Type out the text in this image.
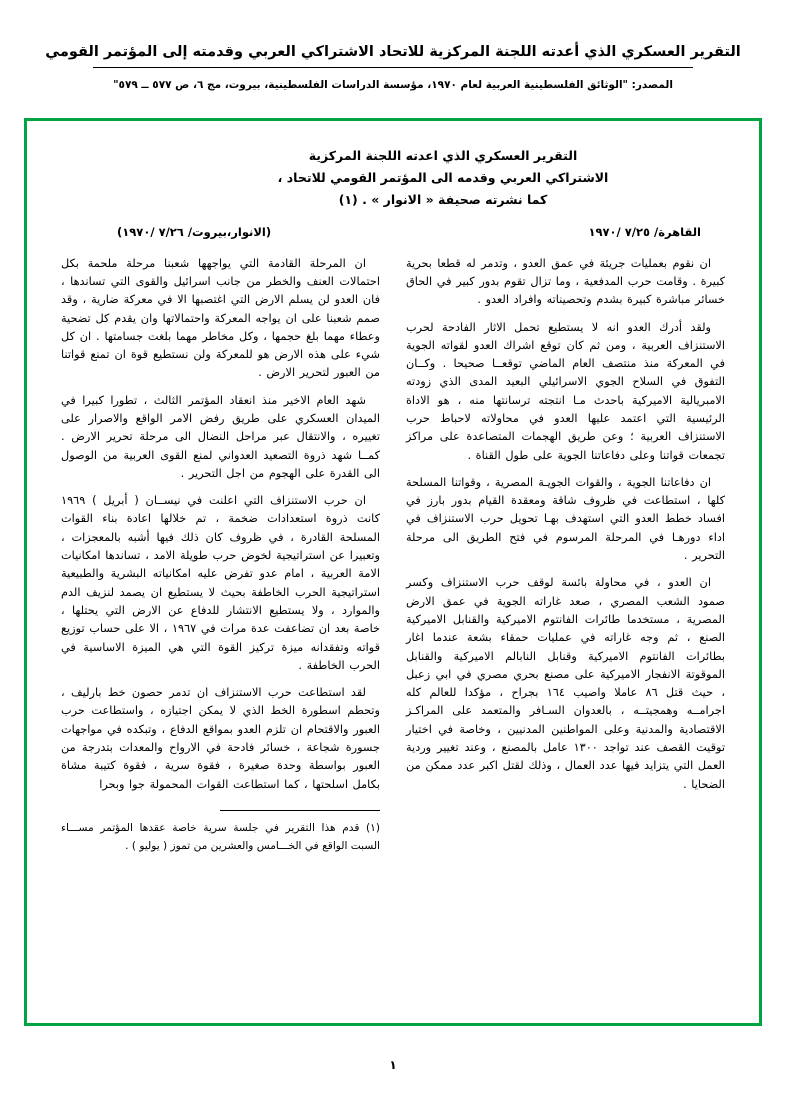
التقرير العسكري الذي أعدته اللجنة المركزية للاتحاد الاشتراكي العربي وقدمته إلى المؤتمر القومي
المصدر: "الوثائق الفلسطينية العربية لعام ١٩٧٠، مؤسسة الدراسات الفلسطينية، بيروت، مج ٦، ص ٥٧٧ ــ ٥٧٩"
التقرير العسكري الذي اعدته اللجنة المركزية
الاشتراكي العربي وقدمه الى المؤتمر القومي للاتحاد ،
كما نشرته صحيفة « الانوار » . (١)
القاهرة/ ٧/٢٥ /١٩٧٠
(الانوار،بيروت/ ٧/٢٦ /١٩٧٠)

ان نقوم بعمليات جريئة في عمق العدو ، وتدمر له قطعا بحرية كبيرة . وقامت حرب المدفعية ، وما تزال تقوم بدور كبير في الحاق خسائر مباشرة كبيرة بشدم وتحصيناته وافراد العدو .

ولقد أدرك العدو انه لا يستطيع تحمل الاثار الفادحة لحرب الاستنزاف العربية ، ومن ثم كان توقع اشراك العدو لقواته الجوية في المعركة منذ منتصف العام الماضي توقعــا صحيحا . وكــان التفوق في السلاح الجوي الاسرائيلي البعيد المدى الذي زودته الامبريالية الاميركية باحدث مـا انتجته ترسانتها منه ، هو الاداة الرئيسية التي اعتمد عليها العدو في محاولاته لاحباط حرب الاستنزاف العربية ؛ وعن طريق الهجمات المتصاعدة على مراكز تجمعات قواتنا وعلى دفاعاتنا الجوية على طول القناة .

ان دفاعاتنا الجوية ، والقوات الجويـة المصرية ، وقواتنا المسلحة كلها ، استطاعت في ظروف شاقة ومعقدة القيام بدور بارز في افساد خطط العدو التي استهدف بهـا تحويل حرب الاستنزاف في اداء دورهـا في المرحلة المرسوم في فتح الطريق الى مرحلة التحرير .

ان العدو ، في محاولة بائسة لوقف حرب الاستنزاف وكسر صمود الشعب المصري ، صعد غاراته الجوية في عمق الارض المصرية ، مستخدما طائرات الفانتوم الاميركية والقنابل الاميركية الصنع ، ثم وجه غاراته في عمليات حمقاء بشعة عندما اغار بطائرات الفانتوم الاميركية وقنابل النابالم الاميركية والقنابل الموقوتة الانفجار الاميركية على مصنع بحري مصري في ابي زعبل ، حيث قتل ٨٦ عاملا واصيب ١٦٤ بجراح ، مؤكدا للعالم كله اجرامــه وهمجيتــه ، بالعدوان السـافر والمتعمد على المراكـز الاقتصادية والمدنية وعلى المواطنين المدنيين ، وخاصة في اختيار توقيت القصف عند تواجد ١٣٠٠ عامل بالمصنع ، وعند تغيير وردية العمل التي يتزايد فيها عدد العمال ، وذلك لقتل اكبر عدد ممكن من الضحايا .

ان المرحلة القادمة التي يواجهها شعبنا مرحلة ملحمة بكل احتمالات العنف والخطر من جانب اسرائيل والقوى التي تساندها ، فان العدو لن يسلم الارض التي اغتصبها الا في معركة ضارية ، وقد صمم شعبنا على ان يواجه المعركة واحتمالاتها وان يقدم كل تضحية وعطاء مهما بلغ حجمها ، وكل مخاطر مهما بلغت جسامتها . ان كل شيء على هذه الارض هو للمعركة ولن نستطيع قوة ان تمنع قواتنا من العبور لتحرير الارض .

شهد العام الاخير منذ انعقاد المؤتمر الثالث ، تطورا كبيرا في الميدان العسكري على طريق رفض الامر الواقع والاصرار على تغييره ، والانتقال عبر مراحل النضال الى مرحلة تحرير الارض . كمــا شهد ذروة التصعيد العدواني لمنع القوى العربية من الوصول الى القدرة على الهجوم من اجل التحرير .

ان حرب الاستنزاف التي اعلنت في نيســان ( أبريل ) ١٩٦٩ كانت ذروة استعدادات ضخمة ، تم خلالها اعادة بناء القوات المسلحة القادرة ، في ظروف كان ذلك فيها أشبه بالمعجزات ، وتعبيرا عن استراتيجية لخوض حرب طويلة الامد ، تساندها امكانيات الامة العربية ، امام عدو تفرض عليه امكانياته البشرية والطبيعية استراتيجية الحرب الخاطفة بحيث لا يستطيع ان يصمد لنزيف الدم والموارد ، ولا يستطيع الانتشار للدفاع عن الارض التي يحتلها ، خاصة بعد ان تضاعفت عدة مرات في ١٩٦٧ ، الا على حساب توزيع قواته وتفقدانه ميزة تركيز القوة التي هي الميزة الاساسية في الحرب الخاطفة .

لقد استطاعت حرب الاستنزاف ان تدمر حصون خط بارليف ، وتحطم اسطورة الخط الذي لا يمكن اجتيازه ، واستطاعت حرب العبور والاقتحام ان تلزم العدو بمواقع الدفاع ، وتبكده في مواجهات جسورة شجاعة ، خسائر فادحة في الارواح والمعدات بتدرجة من العبور بواسطة وحدة صغيرة ، فقوة سرية ، فقوة كتيبة مشاة بكامل اسلحتها ، كما استطاعت القوات المحمولة جوا وبحرا

(١) قدم هذا التقرير في جلسة سرية خاصة عقدها المؤتمر مســـاء السبت الواقع في الخـــامس والعشرين من تموز ( يوليو ) .

١
